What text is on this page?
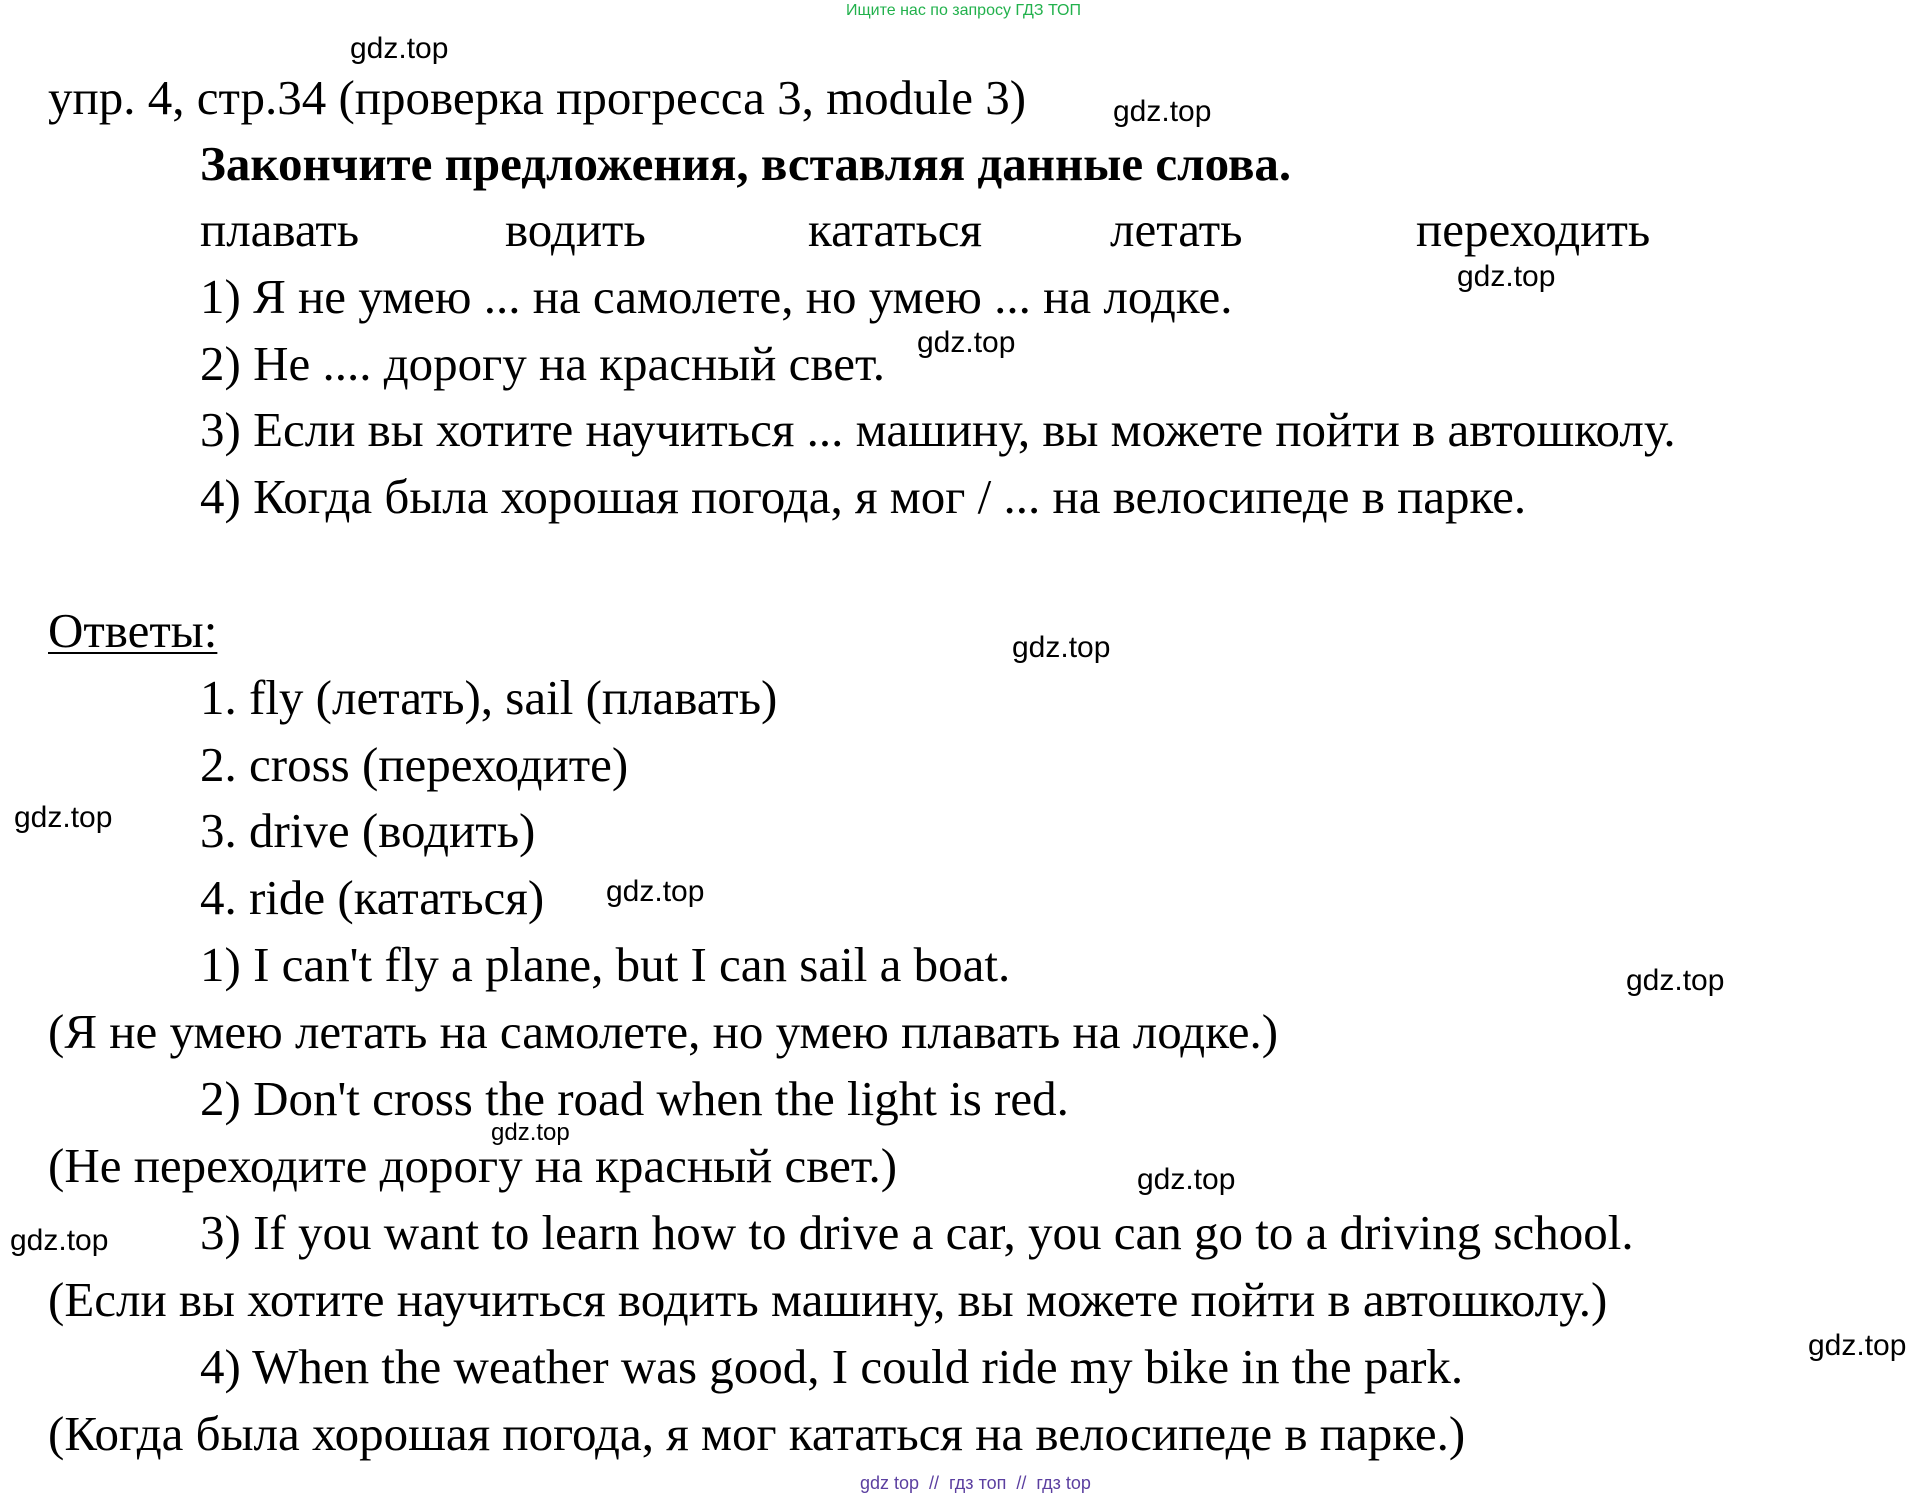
Ищите нас по запросу ГДЗ ТОП
упр. 4, стр.34 (проверка прогресса 3, module 3)
Закончите предложения, вставляя данные слова.
плавать	водить	кататься	летать	переходить
1) Я не умею ... на самолете, но умею ... на лодке.
2) Не .... дорогу на красный свет.
3) Если вы хотите научиться ... машину, вы можете пойти в автошколу.
4) Когда была хорошая погода, я мог / ... на велосипеде в парке.
Ответы:
1. fly (летать), sail (плавать)
2. cross (переходите)
3. drive (водить)
4. ride (кататься)
1) I can't fly a plane, but I can sail a boat.
(Я не умею летать на самолете, но умею плавать на лодке.)
2) Don't cross the road when the light is red.
(Не переходите дорогу на красный свет.)
3) If you want to learn how to drive a car, you can go to a driving school.
(Если вы хотите научиться водить машину, вы можете пойти в автошколу.)
4) When the weather was good, I could ride my bike in the park.
(Когда была хорошая погода, я мог кататься на велосипеде в парке.)
gdz.top
gdz.top
gdz.top
gdz.top
gdz.top
gdz.top
gdz.top
gdz.top
gdz.top
gdz.top
gdz.top
gdz.top
gdz top  //  гдз топ  //  гдз top
